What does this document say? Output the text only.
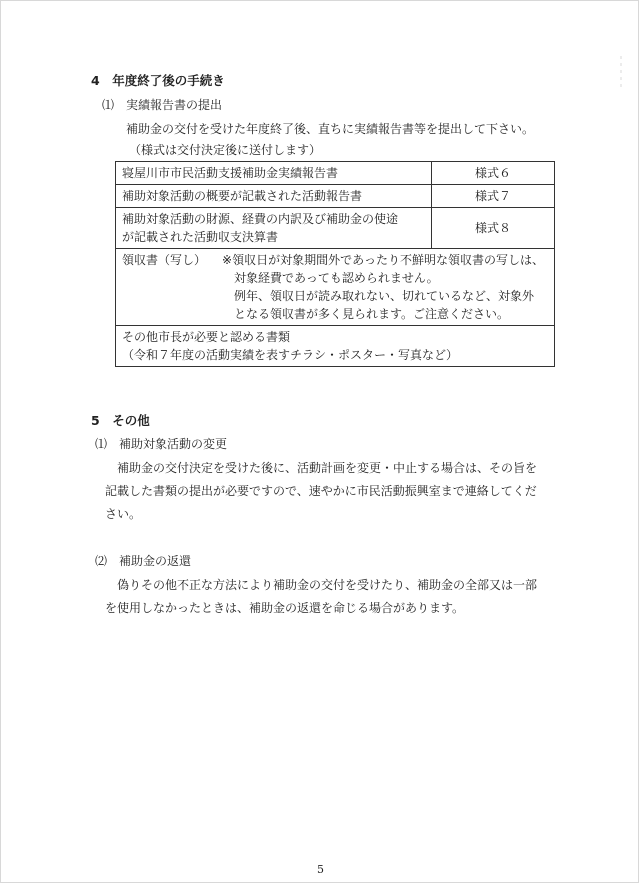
4　年度終了後の手続き
⑴　実績報告書の提出
補助金の交付を受けた年度終了後、直ちに実績報告書等を提出して下さい。
（様式は交付決定後に送付します）
寝屋川市市民活動支援補助金実績報告書	様式６
補助対象活動の概要が記載された活動報告書	様式７
補助対象活動の財源、経費の内訳及び補助金の使途
が記載された活動収支決算書	様式８
領収書（写し） ※領収日が対象期間外であったり不鮮明な領収書の写しは、
対象経費であっても認められません。
例年、領収日が読み取れない、切れているなど、対象外
となる領収書が多く見られます。ご注意ください。	

その他市長が必要と認める書類
（令和７年度の活動実績を表すチラシ・ポスター・写真など）	
5　その他
⑴　補助対象活動の変更
補助金の交付決定を受けた後に、活動計画を変更・中止する場合は、その旨を
記載した書類の提出が必要ですので、速やかに市民活動振興室まで連絡してくだ
さい。
⑵　補助金の返還
偽りその他不正な方法により補助金の交付を受けたり、補助金の全部又は一部
を使用しなかったときは、補助金の返還を命じる場合があります。
5
